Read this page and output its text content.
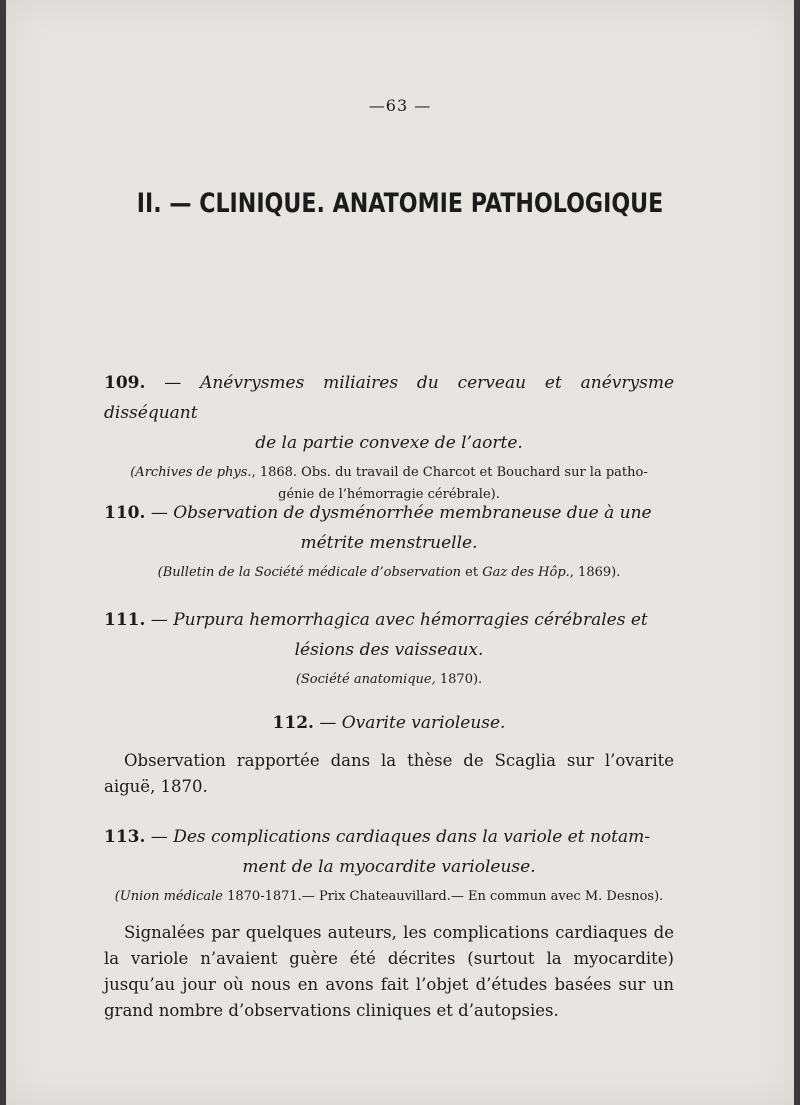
—63 —
II. — CLINIQUE. ANATOMIE PATHOLOGIQUE
109. — Anévrysmes miliaires du cerveau et anévrysme disséquant
de la partie convexe de l’aorte.
(Archives de phys., 1868. Obs. du travail de Charcot et Bouchard sur la patho-
génie de l’hémorragie cérébrale).
110. — Observation de dysménorrhée membraneuse due à une
métrite menstruelle.
(Bulletin de la Société médicale d’observation et Gaz des Hôp., 1869).
111. — Purpura hemorrhagica avec hémorragies cérébrales et
lésions des vaisseaux.
(Société anatomique, 1870).
112. — Ovarite varioleuse.
Observation rapportée dans la thèse de Scaglia sur l’ovarite aiguë, 1870.
113. — Des complications cardiaques dans la variole et notam-
ment de la myocardite varioleuse.
(Union médicale 1870-1871.— Prix Chateauvillard.— En commun avec M. Desnos).
Signalées par quelques auteurs, les complications cardiaques de la variole n’avaient guère été décrites (surtout la myocardite) jusqu’au jour où nous en avons fait l’objet d’études basées sur un grand nombre d’observations cliniques et d’autopsies.
